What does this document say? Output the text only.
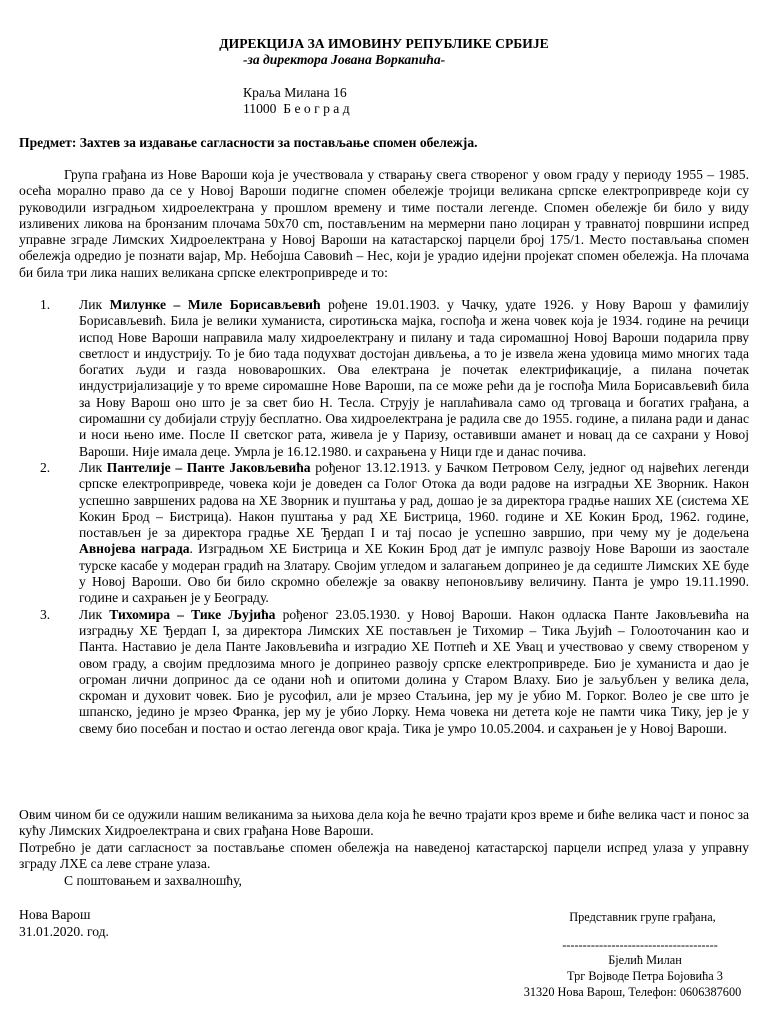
ДИРЕКЦИЈА ЗА ИМОВИНУ РЕПУБЛИКЕ СРБИЈЕ
-за директора Јована Воркапића-
Краља Милана 16
11000  Б е о г р а д
Предмет: Захтев за издавање сагласности за постављање спомен обележја.
Група грађана из Нове Вароши која је учествовала у стварању свега створеног у овом граду у периоду 1955 – 1985. осећа морално право да се у Новој Вароши подигне спомен обележје тројици великана српске електропривреде који су руководили изградњом хидроелектрана у прошлом времену и тиме постали легенде. Спомен обележје би било у виду изливених ликова на бронзаним плочама 50х70 cm, постављеним на мермерни пано лоциран у травнатој површини испред управне зграде Лимских Хидроелектрана у Новој Вароши на катастарској парцели број 175/1. Место постављања спомен обележја одредио је познати вајар, Мр. Небојша Савовић – Нес, који је урадио идејни пројекат спомен обележја. На плочама би била три лика наших великана српске електропривреде и то:
1.	Лик Милунке – Миле Борисављевић рођене 19.01.1903. у Чачку, удате 1926. у Нову Варош у фамилију Борисављевић. Била је велики хуманиста, сиротињска мајка, госпођа и жена човек која је 1934. године на речици испод Нове Вароши направила малу хидроелектрану и пилану и тада сиромашној Новој Вароши подарила прву светлост и индустрију. То је био тада подухват достојан дивљења, а то је извела жена удовица мимо многих тада богатих људи и газда нововарошких. Ова електрана је почетак електрификације, а пилана почетак индустријализације у то време сиромашне Нове Вароши, па се може рећи да је госпођа Мила Борисављевић била за Нову Варош оно што је за свет био Н. Тесла. Струју је наплаћивала само од трговаца и богатих грађана, а сиромашни су добијали струју бесплатно. Ова хидроелектрана је радила све до 1955. године, а пилана ради и данас и носи њено име. После II светског рата, живела је у Паризу, оставивши аманет и новац да се сахрани у Новој Вароши. Није имала деце. Умрла је 16.12.1980. и сахрањена у Ници где и данас почива.
2.	Лик Пантелије – Панте Јаковљевића рођеног 13.12.1913. у Бачком Петровом Селу, једног од највећих легенди српске електропривреде, човека који је доведен са Голог Отока да води радове на изградњи ХЕ Зворник. Након успешно завршених радова на ХЕ Зворник и пуштања у рад, дошао је за директора градње наших ХЕ (система ХЕ Кокин Брод – Бистрица). Након пуштања у рад ХЕ Бистрица, 1960. године и ХЕ Кокин Брод, 1962. године, постављен је за директора градње ХЕ Ђердап I и тај посао је успешно завршио, при чему му је додељена Авнојева награда. Изградњом ХЕ Бистрица и ХЕ Кокин Брод дат је импулс развоју Нове Вароши из заостале турске касабе у модеран градић на Златару. Својим угледом и залагањем допринео је да седиште Лимских ХЕ буде у Новој Вароши. Ово би било скромно обележје за овакву непоновљиву величину. Панта је умро 19.11.1990. године и сахрањен је у Београду.
3.	Лик Тихомира – Тике Љујића рођеног 23.05.1930. у Новој Вароши. Након одласка Панте Јаковљевића на изградњу ХЕ Ђердап I, за директора Лимских ХЕ постављен је Тихомир – Тика Љујић – Голооточанин као и Панта. Наставио је дела Панте Јаковљевића и изградио ХЕ Потпећ и ХЕ Увац и учествовао у свему створеном у овом граду, а својим предлозима много је допринео развоју српске електропривреде. Био је хуманиста и дао је огроман лични допринос да се одани ноћ и опитоми долина у Старом Влаху. Био је заљубљен у велика дела, скроман и духовит човек. Био је русофил, али је мрзео Стаљина, јер му је убио М. Горког. Волео је све што је шпанско, једино је мрзео Франка, јер му је убио Лорку. Нема човека ни детета које не памти чика Тику, јер је у свему био посебан и постао и остао легенда овог краја. Тика је умро 10.05.2004. и сахрањен је у Новој Вароши.
Овим чином би се одужили нашим великанима за њихова дела која ће вечно трајати кроз време и биће велика част и понос за кућу Лимских Хидроелектрана и свих грађана Нове Вароши.
Потребно је дати сагласност за постављање спомен обележја на наведеној катастарској парцели испред улаза у управну зграду ЛХЕ са леве стране улаза.
С поштовањем и захвалношћу,
Нова Варош
31.01.2020. год.
Представник групе грађана,
--------------------------------------
Бјелић Милан
Трг Војводе Петра Бојовића 3
31320 Нова Варош, Телефон: 0606387600
